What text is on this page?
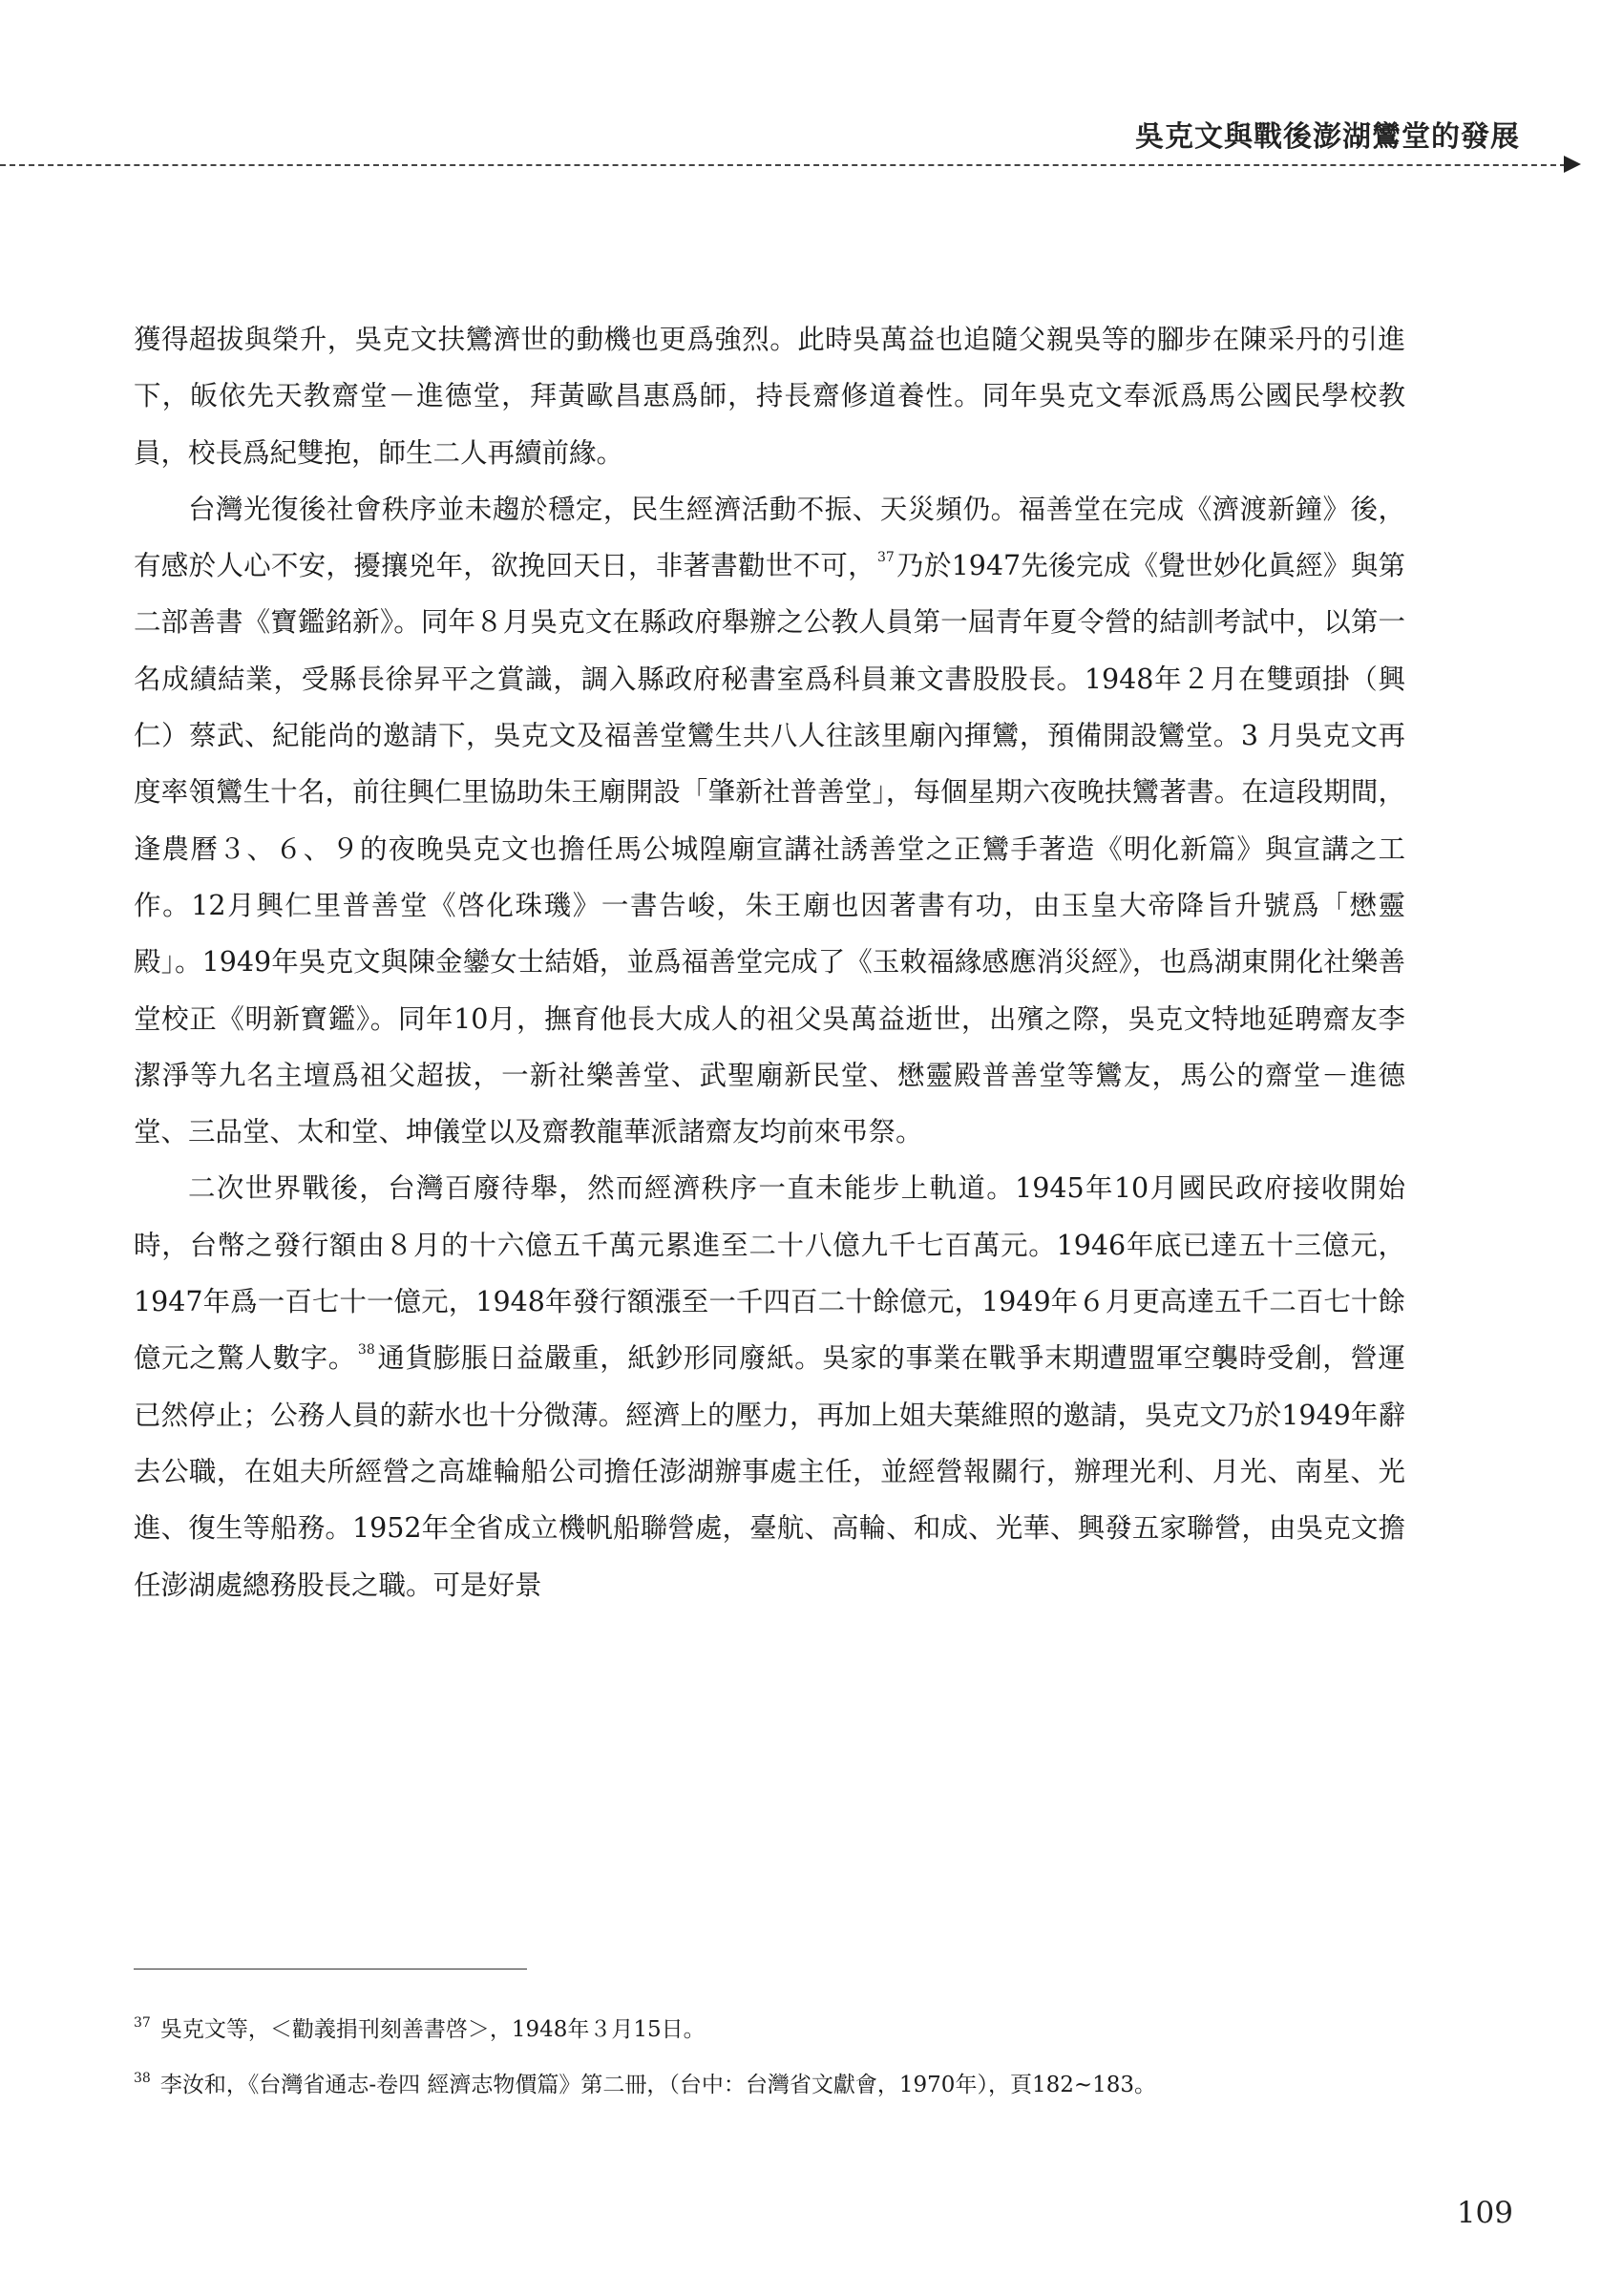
吳克文與戰後澎湖鸞堂的發展

獲得超拔與榮升，吳克文扶鸞濟世的動機也更爲強烈。此時吳萬益也追隨父親吳等的腳步在陳采丹的引進下，皈依先天教齋堂－進德堂，拜黃歐昌惠爲師，持長齋修道養性。同年吳克文奉派爲馬公國民學校教員，校長爲紀雙抱，師生二人再續前緣。

台灣光復後社會秩序並未趨於穩定，民生經濟活動不振、天災頻仍。福善堂在完成《濟渡新鐘》後，有感於人心不安，擾攘兇年，欲挽回天日，非著書勸世不可， $^{37}$乃於1947先後完成《覺世妙化眞經》與第二部善書《寶鑑銘新》。同年８月吳克文在縣政府舉辦之公教人員第一屆青年夏令營的結訓考試中，以第一名成績結業，受縣長徐昇平之賞識，調入縣政府秘書室爲科員兼文書股股長。1948年２月在雙頭掛（興仁）蔡武、紀能尚的邀請下，吳克文及福善堂鸞生共八人往該里廟內揮鸞，預備開設鸞堂。3 月吳克文再度率領鸞生十名，前往興仁里協助朱王廟開設「肇新社普善堂」，每個星期六夜晚扶鸞著書。在這段期間，逢農曆３、６、９的夜晚吳克文也擔任馬公城隍廟宣講社誘善堂之正鸞手著造《明化新篇》與宣講之工作。12月興仁里普善堂《啓化珠璣》一書告峻，朱王廟也因著書有功，由玉皇大帝降旨升號爲「懋靈殿」。1949年吳克文與陳金鑾女士結婚，並爲福善堂完成了《玉敕福緣感應消災經》，也爲湖東開化社樂善堂校正《明新寶鑑》。同年10月，撫育他長大成人的祖父吳萬益逝世，出殯之際，吳克文特地延聘齋友李潔淨等九名主壇爲祖父超拔，一新社樂善堂、武聖廟新民堂、懋靈殿普善堂等鸞友，馬公的齋堂－進德堂、三品堂、太和堂、坤儀堂以及齋教龍華派諸齋友均前來弔祭。

二次世界戰後，台灣百廢待舉，然而經濟秩序一直未能步上軌道。1945年10月國民政府接收開始時，台幣之發行額由８月的十六億五千萬元累進至二十八億九千七百萬元。1946年底已達五十三億元，1947年爲一百七十一億元，1948年發行額漲至一千四百二十餘億元，1949年６月更高達五千二百七十餘億元之驚人數字。 $^{38}$通貨膨脹日益嚴重，紙鈔形同廢紙。吳家的事業在戰爭末期遭盟軍空襲時受創，營運已然停止；公務人員的薪水也十分微薄。經濟上的壓力，再加上姐夫葉維照的邀請，吳克文乃於1949年辭去公職，在姐夫所經營之高雄輪船公司擔任澎湖辦事處主任，並經營報關行，辦理光利、月光、南星、光進、復生等船務。1952年全省成立機帆船聯營處，臺航、高輪、和成、光華、興發五家聯營，由吳克文擔任澎湖處總務股長之職。可是好景

$^{37}$ 吳克文等，＜勸義捐刊刻善書啓＞，1948年３月15日。
$^{38}$ 李汝和，《台灣省通志-卷四 經濟志物價篇》第二冊，（台中：台灣省文獻會，1970年），頁182~183。
109
